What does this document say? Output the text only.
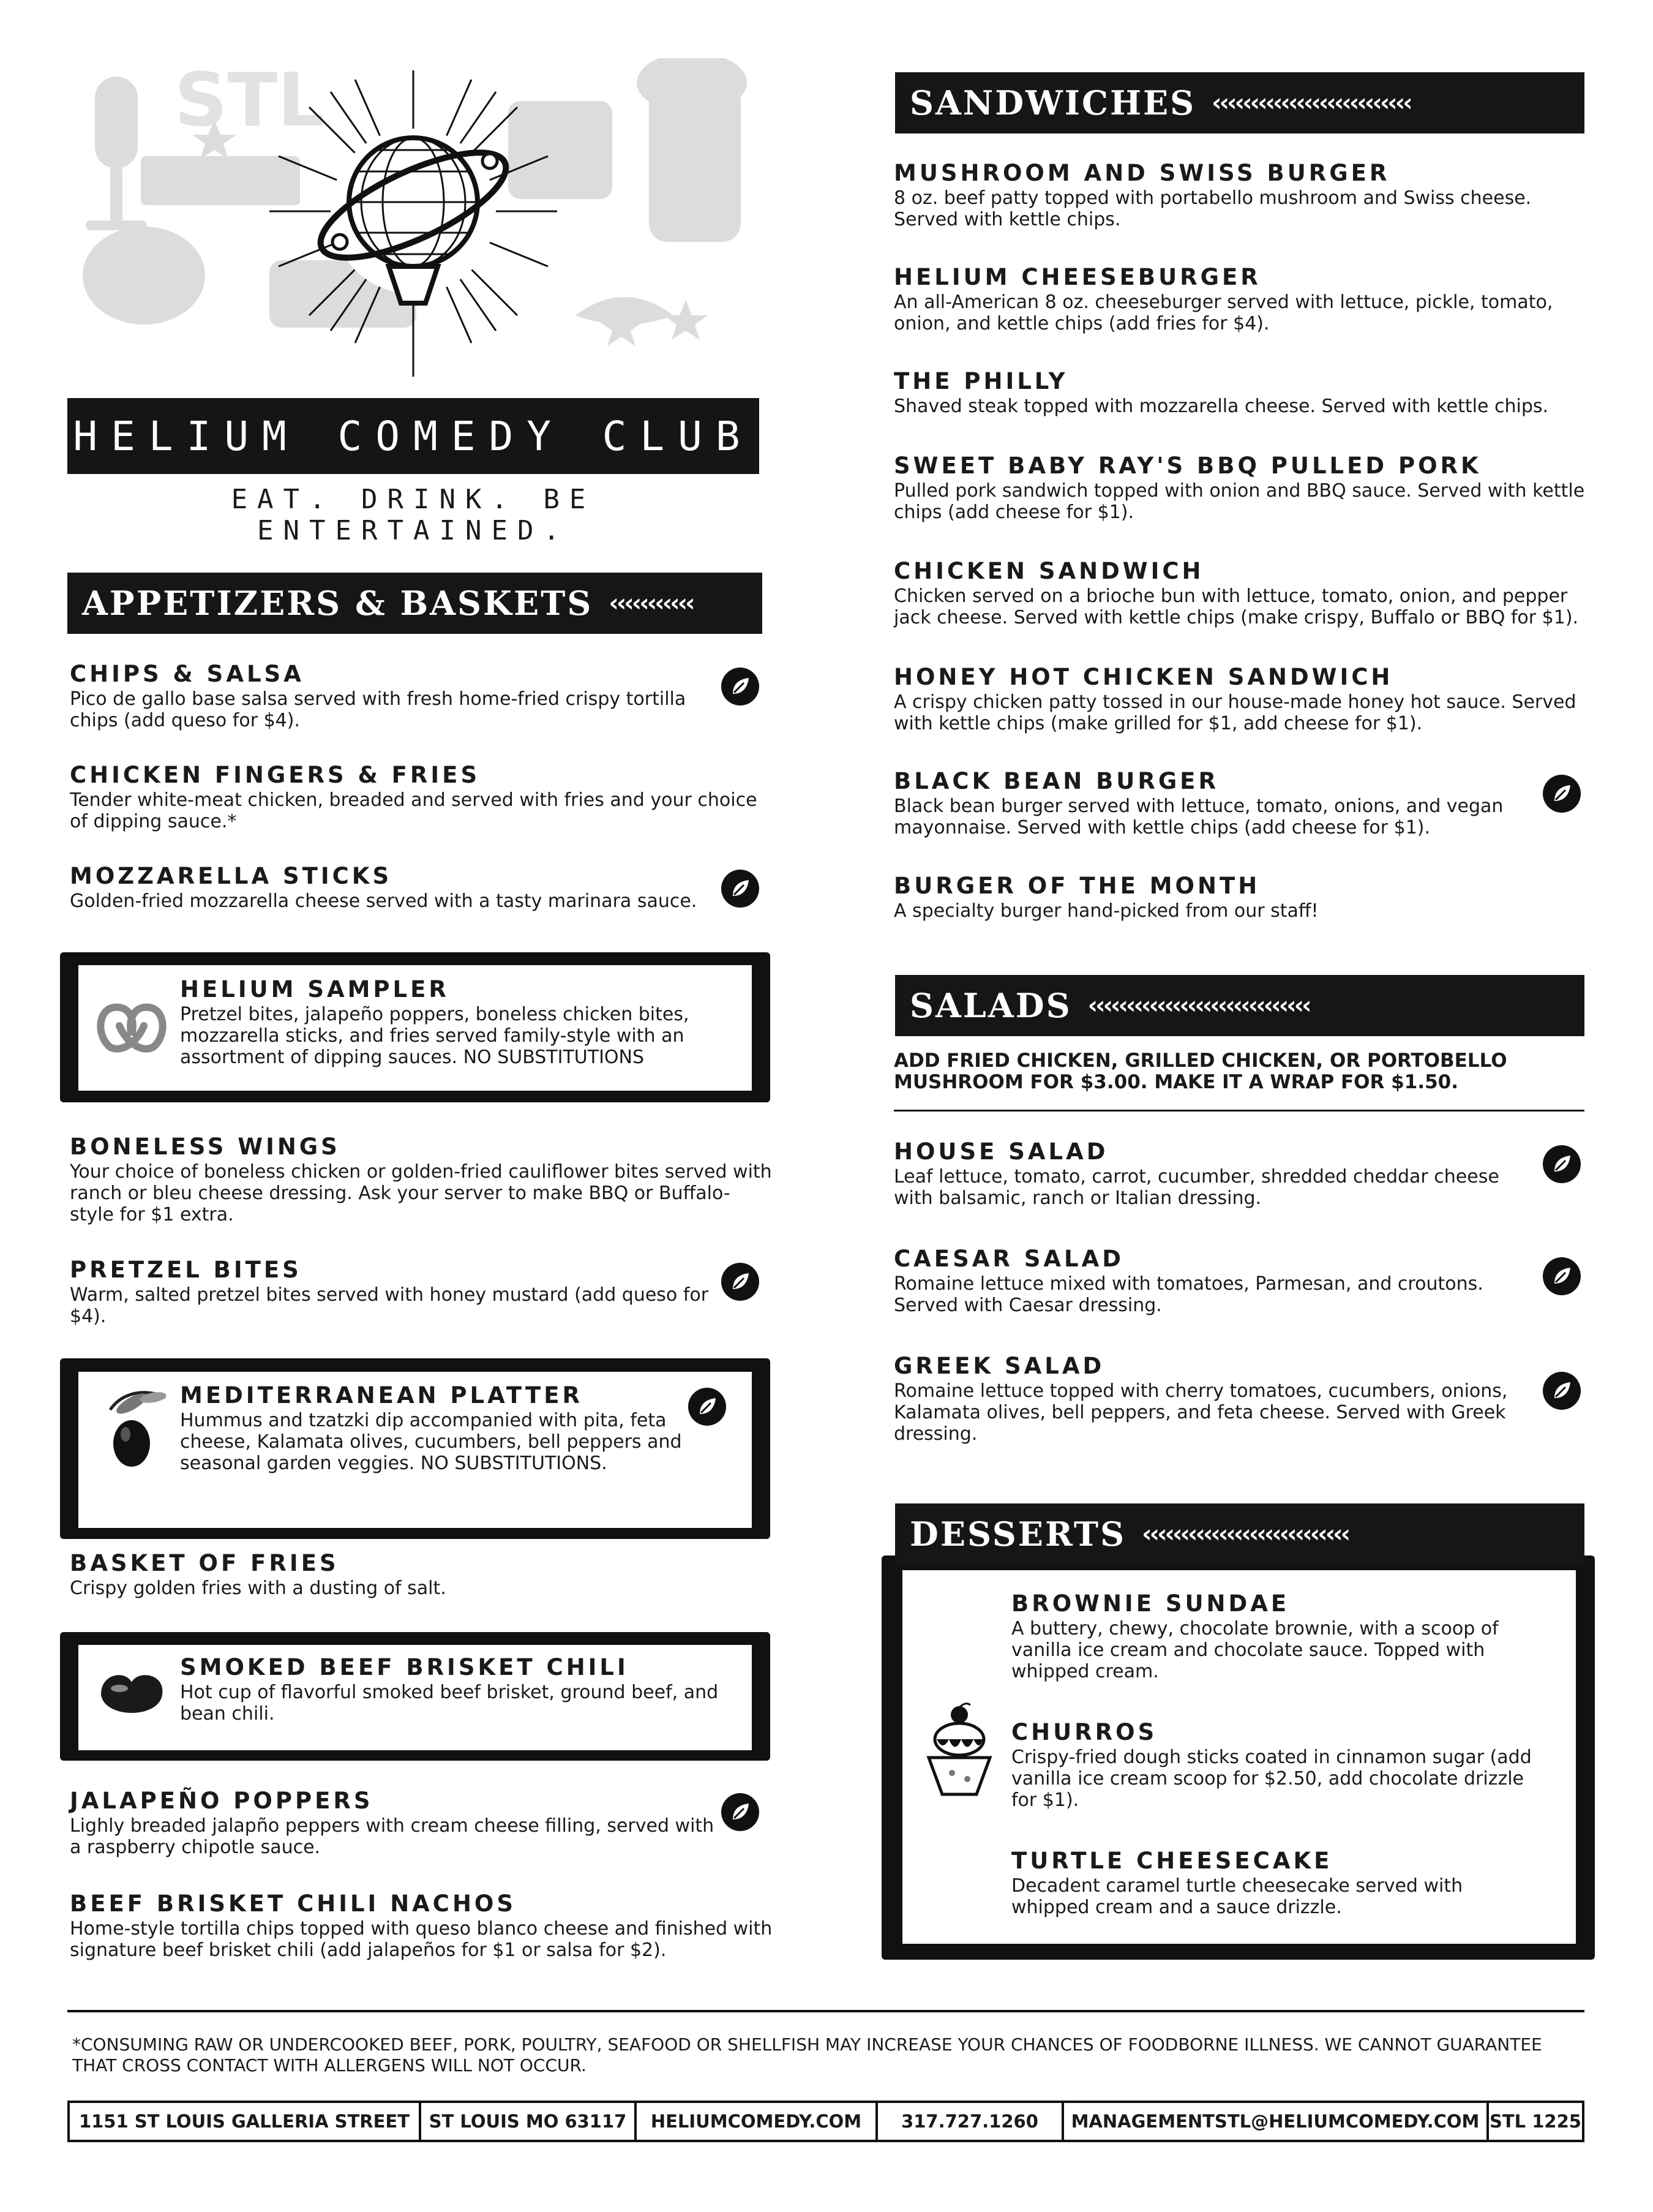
STL
HELIUM COMEDY CLUB
EAT. DRINK. BE ENTERTAINED.
APPETIZERS & BASKETS ‹‹‹‹‹‹‹‹‹‹‹
CHIPS & SALSA
Pico de gallo base salsa served with fresh home-fried crispy tortilla chips (add queso for $4).
CHICKEN FINGERS & FRIES
Tender white-meat chicken, breaded and served with fries and your choice of dipping sauce.*
MOZZARELLA STICKS
Golden-fried mozzarella cheese served with a tasty marinara sauce.
HELIUM SAMPLER
Pretzel bites, jalapeño poppers, boneless chicken bites, mozzarella sticks, and fries served family-style with an assortment of dipping sauces. NO SUBSTITUTIONS
BONELESS WINGS
Your choice of boneless chicken or golden-fried cauliflower bites served with ranch or bleu cheese dressing. Ask your server to make BBQ or Buffalo-style for $1 extra.
PRETZEL BITES
Warm, salted pretzel bites served with honey mustard (add queso for $4).
MEDITERRANEAN PLATTER
Hummus and tzatzki dip accompanied with pita, feta cheese, Kalamata olives, cucumbers, bell peppers and seasonal garden veggies. NO SUBSTITUTIONS.
BASKET OF FRIES
Crispy golden fries with a dusting of salt.
SMOKED BEEF BRISKET CHILI
Hot cup of flavorful smoked beef brisket, ground beef, and bean chili.
JALAPEÑO POPPERS
Lighly breaded jalapño peppers with cream cheese filling, served with a raspberry chipotle sauce.
BEEF BRISKET CHILI NACHOS
Home-style tortilla chips topped with queso blanco cheese and finished with signature beef brisket chili (add jalapeños for $1 or salsa for $2).
SANDWICHES ‹‹‹‹‹‹‹‹‹‹‹‹‹‹‹‹‹‹‹‹‹‹‹‹‹‹
MUSHROOM AND SWISS BURGER
8 oz. beef patty topped with portabello mushroom and Swiss cheese. Served with kettle chips.
HELIUM CHEESEBURGER
An all-American 8 oz. cheeseburger served with lettuce, pickle, tomato, onion, and kettle chips (add fries for $4).
THE PHILLY
Shaved steak topped with mozzarella cheese. Served with kettle chips.
SWEET BABY RAY'S BBQ PULLED PORK
Pulled pork sandwich topped with onion and BBQ sauce. Served with kettle chips (add cheese for $1).
CHICKEN SANDWICH
Chicken served on a brioche bun with lettuce, tomato, onion, and pepper jack cheese. Served with kettle chips (make crispy, Buffalo or BBQ for $1).
HONEY HOT CHICKEN SANDWICH
A crispy chicken patty tossed in our house-made honey hot sauce. Served with kettle chips (make grilled for $1, add cheese for $1).
BLACK BEAN BURGER
Black bean burger served with lettuce, tomato, onions, and vegan mayonnaise. Served with kettle chips (add cheese for $1).
BURGER OF THE MONTH
A specialty burger hand-picked from our staff!
SALADS ‹‹‹‹‹‹‹‹‹‹‹‹‹‹‹‹‹‹‹‹‹‹‹‹‹‹‹‹‹
ADD FRIED CHICKEN, GRILLED CHICKEN, OR PORTOBELLO MUSHROOM FOR $3.00. MAKE IT A WRAP FOR $1.50.
HOUSE SALAD
Leaf lettuce, tomato, carrot, cucumber, shredded cheddar cheese with balsamic, ranch or Italian dressing.
CAESAR SALAD
Romaine lettuce mixed with tomatoes, Parmesan, and croutons. Served with Caesar dressing.
GREEK SALAD
Romaine lettuce topped with cherry tomatoes, cucumbers, onions, Kalamata olives, bell peppers, and feta cheese. Served with Greek dressing.
DESSERTS ‹‹‹‹‹‹‹‹‹‹‹‹‹‹‹‹‹‹‹‹‹‹‹‹‹‹‹
BROWNIE SUNDAE
A buttery, chewy, chocolate brownie, with a scoop of vanilla ice cream and chocolate sauce. Topped with whipped cream.
CHURROS
Crispy-fried dough sticks coated in cinnamon sugar (add vanilla ice cream scoop for $2.50, add chocolate drizzle for $1).
TURTLE CHEESECAKE
Decadent caramel turtle cheesecake served with whipped cream and a sauce drizzle.
*CONSUMING RAW OR UNDERCOOKED BEEF, PORK, POULTRY, SEAFOOD OR SHELLFISH MAY INCREASE YOUR CHANCES OF FOODBORNE ILLNESS. WE CANNOT GUARANTEE THAT CROSS CONTACT WITH ALLERGENS WILL NOT OCCUR.
1151 ST LOUIS GALLERIA STREET	ST LOUIS MO 63117	HELIUMCOMEDY.COM	317.727.1260	MANAGEMENTSTL@HELIUMCOMEDY.COM STL 1225
